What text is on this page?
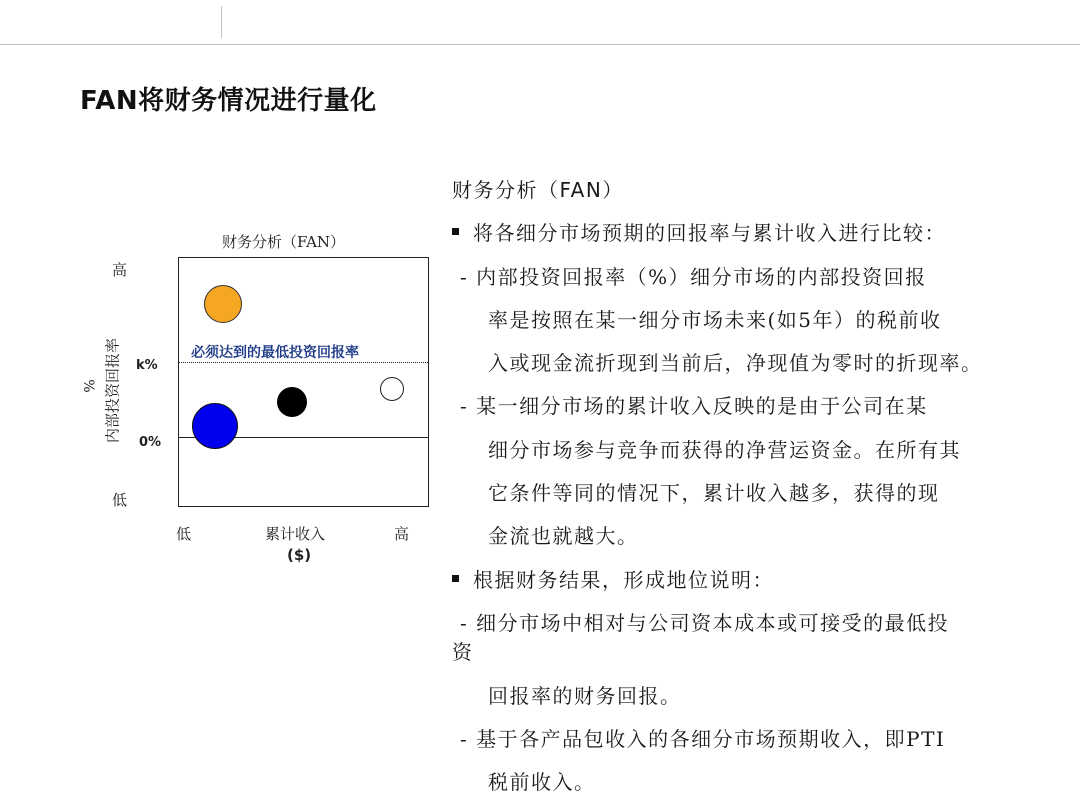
FAN将财务情况进行量化
财务分析（FAN）
内部投资回报率
%
高
k%
0%
低
必须达到的最低投资回报率
低	累计收入
($)
高
财务分析（FAN）
将各细分市场预期的回报率与累计收入进行比较：
- 内部投资回报率（%）细分市场的内部投资回报
率是按照在某一细分市场未来(如5年）的税前收
入或现金流折现到当前后，净现值为零时的折现率。
- 某一细分市场的累计收入反映的是由于公司在某
细分市场参与竞争而获得的净营运资金。在所有其
它条件等同的情况下，累计收入越多，获得的现
金流也就越大。
根据财务结果，形成地位说明：
- 细分市场中相对与公司资本成本或可接受的最低投
资
回报率的财务回报。
- 基于各产品包收入的各细分市场预期收入，即PTI
税前收入。
